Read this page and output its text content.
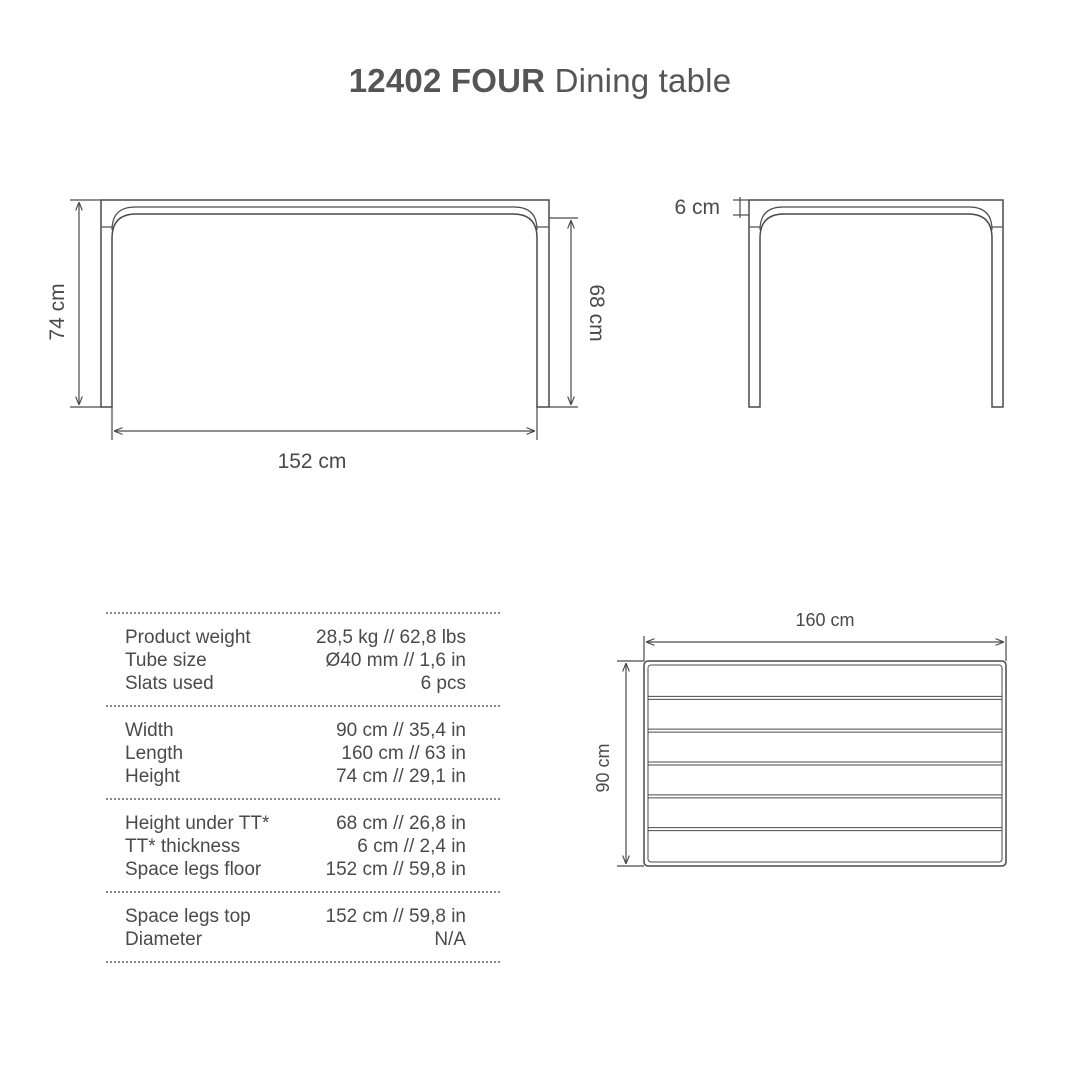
12402 FOUR Dining table
74 cm	68 cm
152 cm
6 cm
160 cm
90 cm
Product weight	28,5 kg // 62,8 lbs
Tube size	Ø40 mm // 1,6 in
Slats used	6 pcs
Width	90 cm // 35,4 in
Length	160 cm // 63 in
Height	74 cm // 29,1 in
Height under TT*	68 cm // 26,8 in
TT* thickness	6 cm // 2,4 in
Space legs floor	152 cm // 59,8 in
Space legs top	152 cm // 59,8 in
Diameter	N/A
